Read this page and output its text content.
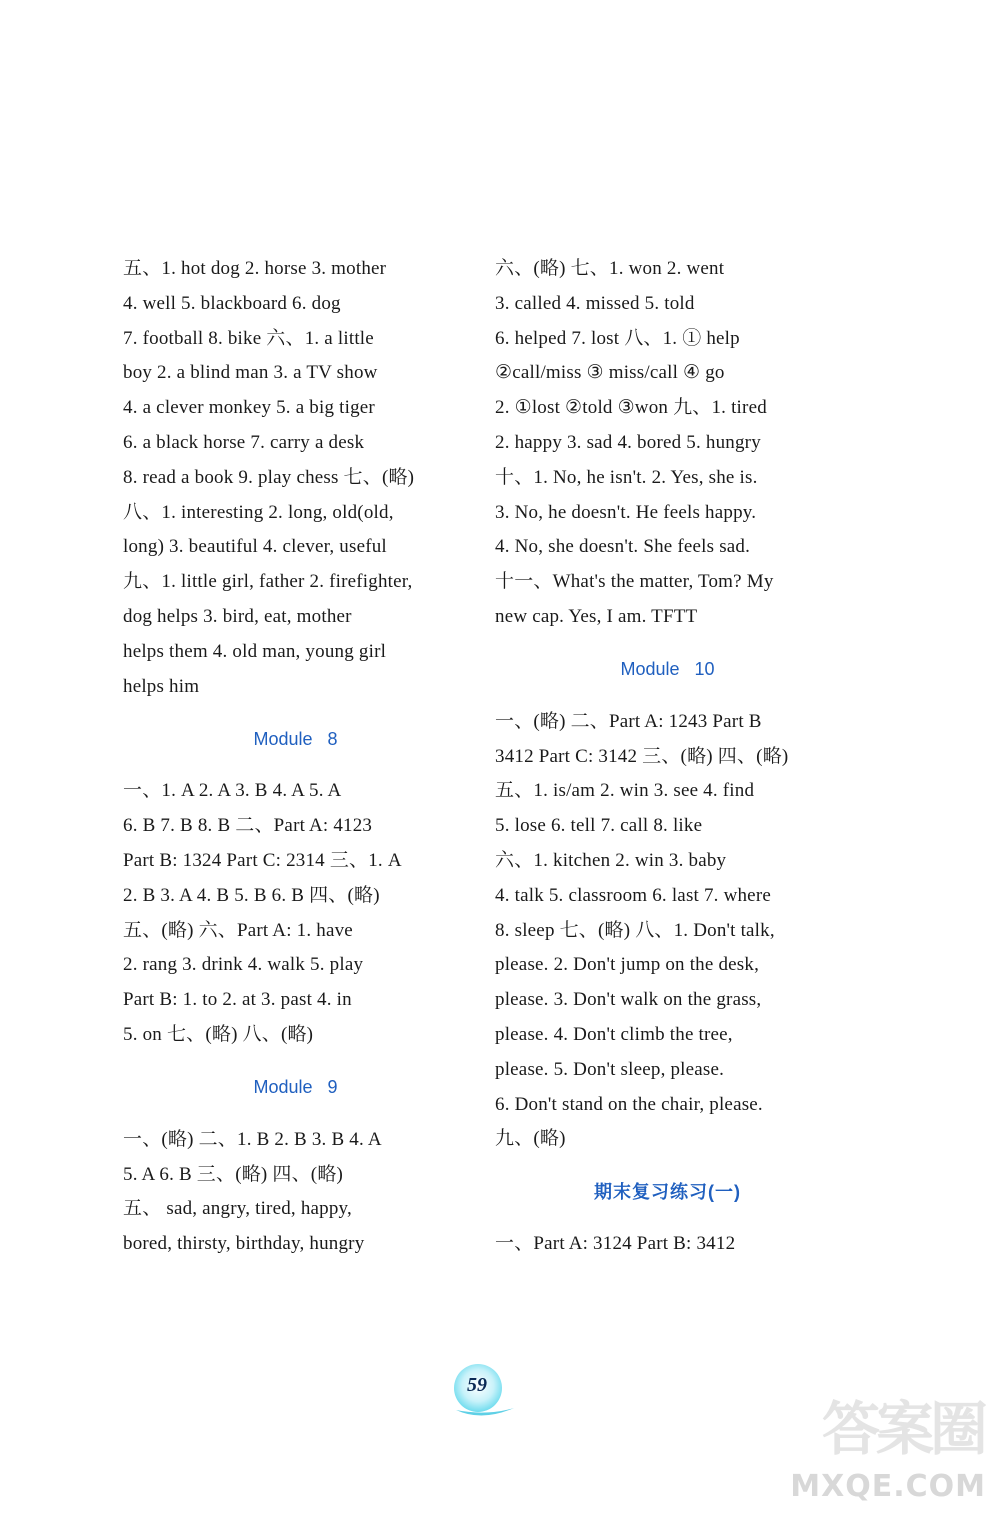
五、1. hot dog 2. horse 3. mother
4. well 5. blackboard 6. dog
7. football 8. bike 六、1. a little
boy 2. a blind man 3. a TV show
4. a clever monkey 5. a big tiger
6. a black horse 7. carry a desk
8. read a book 9. play chess 七、(略)
八、1. interesting 2. long, old(old,
long) 3. beautiful 4. clever, useful
九、1. little girl, father 2. firefighter,
dog helps 3. bird, eat, mother
helps them 4. old man, young girl
helps him
Module 8
一、1. A 2. A 3. B 4. A 5. A
6. B 7. B 8. B 二、Part A: 4123
Part B: 1324 Part C: 2314 三、1. A
2. B 3. A 4. B 5. B 6. B 四、(略)
五、(略) 六、Part A: 1. have
2. rang 3. drink 4. walk 5. play
Part B: 1. to 2. at 3. past 4. in
5. on 七、(略) 八、(略)
Module 9
一、(略) 二、1. B 2. B 3. B 4. A
5. A 6. B 三、(略) 四、(略)
五、 sad, angry, tired, happy,
bored, thirsty, birthday, hungry
六、(略) 七、1. won 2. went
3. called 4. missed 5. told
6. helped 7. lost 八、1. ① help
②call/miss ③ miss/call ④ go
2. ①lost ②told ③won 九、1. tired
2. happy 3. sad 4. bored 5. hungry
十、1. No, he isn't. 2. Yes, she is.
3. No, he doesn't. He feels happy.
4. No, she doesn't. She feels sad.
十一、What's the matter, Tom? My
new cap. Yes, I am. TFTT
Module 10
一、(略) 二、Part A: 1243 Part B
3412 Part C: 3142 三、(略) 四、(略)
五、1. is/am 2. win 3. see 4. find
5. lose 6. tell 7. call 8. like
六、1. kitchen 2. win 3. baby
4. talk 5. classroom 6. last 7. where
8. sleep 七、(略) 八、1. Don't talk,
please. 2. Don't jump on the desk,
please. 3. Don't walk on the grass,
please. 4. Don't climb the tree,
please. 5. Don't sleep, please.
6. Don't stand on the chair, please.
九、(略)
期末复习练习(一)
一、Part A: 3124 Part B: 3412
59
答案圈
MXQE.COM
